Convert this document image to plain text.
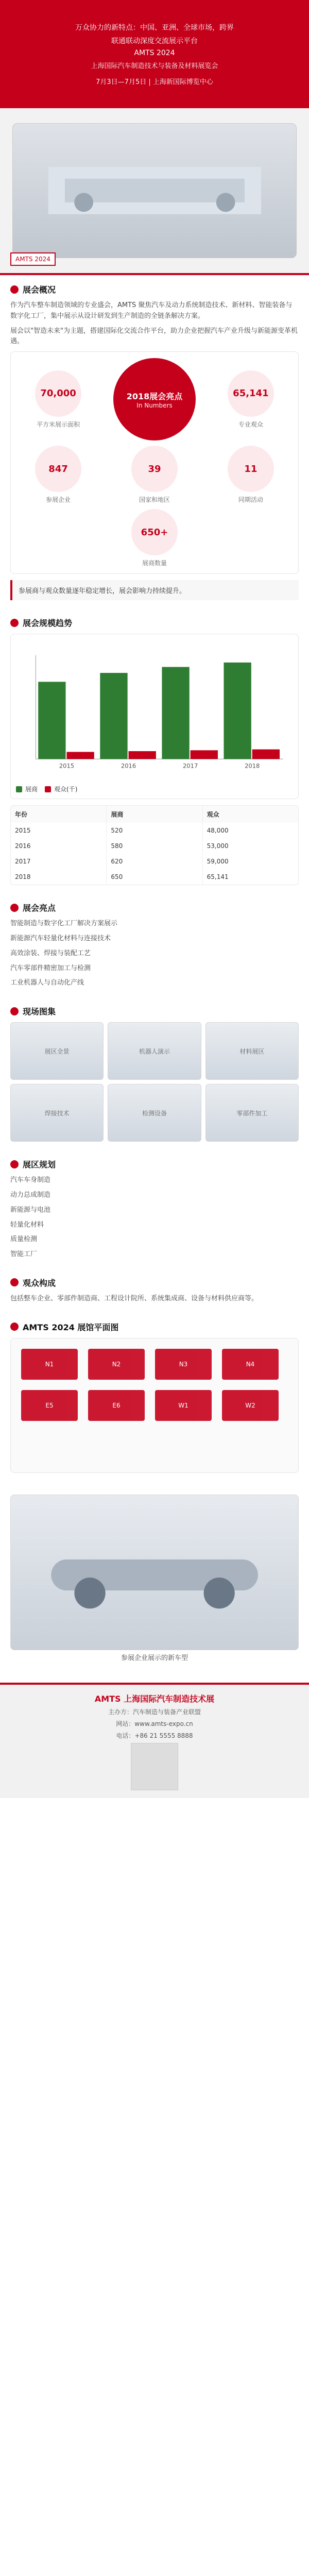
万众协力的新特点：中国、亚洲、全球市场，跨界
联通联动深度交流展示平台
AMTS 2024
上海国际汽车制造技术与装备及材料展览会
7月3日—7月5日 | 上海新国际博览中心
AMTS 2024
展会概况
作为汽车整车制造领域的专业盛会，AMTS 聚焦汽车及动力系统制造技术、新材料、智能装备与数字化工厂，集中展示从设计研发到生产制造的全链条解决方案。
展会以"智造未来"为主题，搭建国际化交流合作平台，助力企业把握汽车产业升级与新能源变革机遇。
70,000
平方米展示面积
2018展会亮点
In Numbers
65,141
专业观众
847
参展企业
39
国家和地区
11
同期活动
650+
展商数量
参展商与观众数量逐年稳定增长，展会影响力持续提升。
展会规模趋势
2015	2016	2017	2018
展商	观众(千)
年份	展商	观众
2015	520	48,000
2016	580	53,000
2017	620	59,000
2018	650	65,141
展会亮点
智能制造与数字化工厂解决方案展示
新能源汽车轻量化材料与连接技术
高效涂装、焊接与装配工艺
汽车零部件精密加工与检测
工业机器人与自动化产线
现场图集
展区全景	机器人演示	材料展区
焊接技术	检测设备	零部件加工
展区规划
汽车车身制造
动力总成制造
新能源与电池
轻量化材料
质量检测
智能工厂
观众构成
包括整车企业、零部件制造商、工程设计院所、系统集成商、设备与材料供应商等。
AMTS 2024 展馆平面图
N1	N2	N3	N4
E5	E6	W1	W2
参展企业展示的新车型
AMTS 上海国际汽车制造技术展
主办方：汽车制造与装备产业联盟
网站：www.amts-expo.cn
电话：+86 21 5555 8888
